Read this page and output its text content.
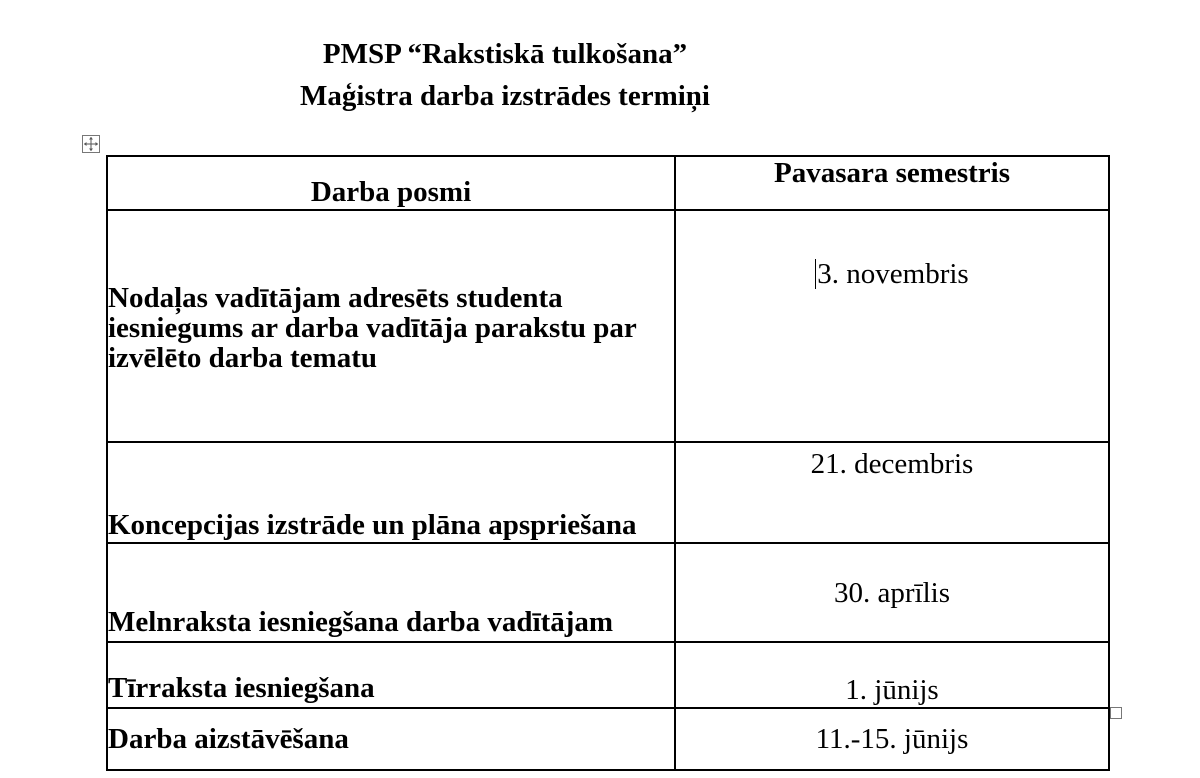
PMSP “Rakstiskā tulkošana”
Maģistra darba izstrādes termiņi
Darba posmi	Pavasara semestris
Nodaļas vadītājam adresēts studenta iesniegums ar darba vadītāja parakstu par izvēlēto darba tematu	3. novembris
Koncepcijas izstrāde un plāna apspriešana	21. decembris
Melnraksta iesniegšana darba vadītājam	30. aprīlis
Tīrraksta iesniegšana	1. jūnijs
Darba aizstāvēšana	11.-15. jūnijs
